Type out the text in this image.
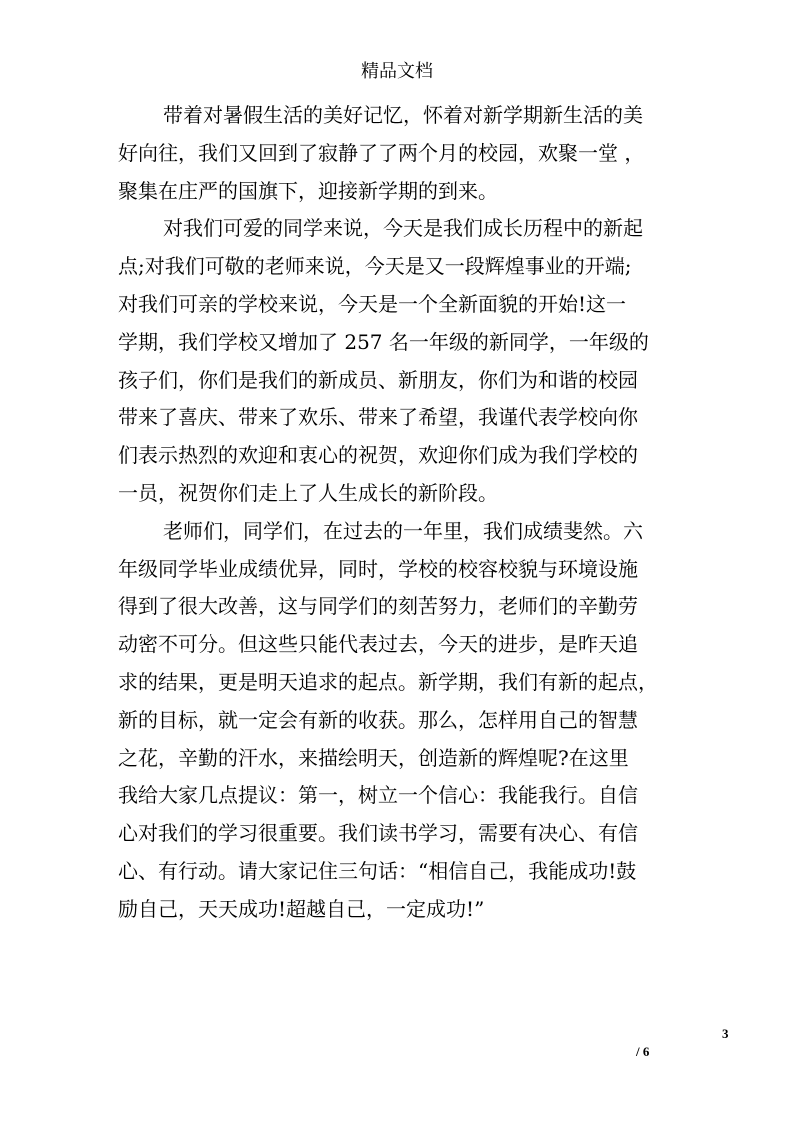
精品文档

带着对暑假生活的美好记忆，怀着对新学期新生活的美
好向往，我们又回到了寂静了了两个月的校园，欢聚一堂 ，
聚集在庄严的国旗下，迎接新学期的到来。

对我们可爱的同学来说，今天是我们成长历程中的新起
点;对我们可敬的老师来说，今天是又一段辉煌事业的开端;
对我们可亲的学校来说，今天是一个全新面貌的开始!这一
学期，我们学校又增加了 257 名一年级的新同学，一年级的
孩子们，你们是我们的新成员、新朋友，你们为和谐的校园
带来了喜庆、带来了欢乐、带来了希望，我谨代表学校向你
们表示热烈的欢迎和衷心的祝贺，欢迎你们成为我们学校的
一员，祝贺你们走上了人生成长的新阶段。

老师们，同学们，在过去的一年里，我们成绩斐然。六
年级同学毕业成绩优异，同时，学校的校容校貌与环境设施
得到了很大改善，这与同学们的刻苦努力，老师们的辛勤劳
动密不可分。但这些只能代表过去，今天的进步，是昨天追
求的结果，更是明天追求的起点。新学期，我们有新的起点，
新的目标，就一定会有新的收获。那么，怎样用自己的智慧
之花，辛勤的汗水，来描绘明天，创造新的辉煌呢?在这里
我给大家几点提议：第一，树立一个信心：我能我行。自信
心对我们的学习很重要。我们读书学习，需要有决心、有信
心、有行动。请大家记住三句话：“相信自己，我能成功!鼓
励自己，天天成功!超越自己，一定成功!”

3
/ 6
